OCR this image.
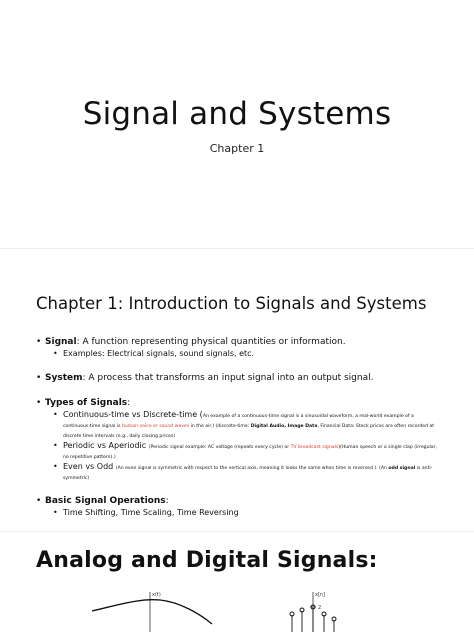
Signal and Systems
Chapter 1
Chapter 1: Introduction to Signals and Systems
• Signal: A function representing physical quantities or information.
• Examples: Electrical signals, sound signals, etc.
• System: A process that transforms an input signal into an output signal.
• Types of Signals:
• Continuous-time vs Discrete-time (An example of a continuous-time signal is a sinusoidal waveform, a real-world example of a continuous-time signal is human voice or sound waves in the air.) (discrete-time: Digital Audio, Image Data, Financial Data: Stock prices are often recorded at discrete time intervals (e.g., daily closing prices)
• Periodic vs Aperiodic (Periodic signal example: AC voltage (repeats every cycle) or TV broadcast signals)(Human speech or a single clap (irregular, no repetitive pattern).)
• Even vs Odd (An even signal is symmetric with respect to the vertical axis, meaning it looks the same when time is reversed.). (An odd signal is anti-symmetric)
• Basic Signal Operations:
• Time Shifting, Time Scaling, Time Reversing
Analog and Digital Signals:
x(t)	x[n]
2
